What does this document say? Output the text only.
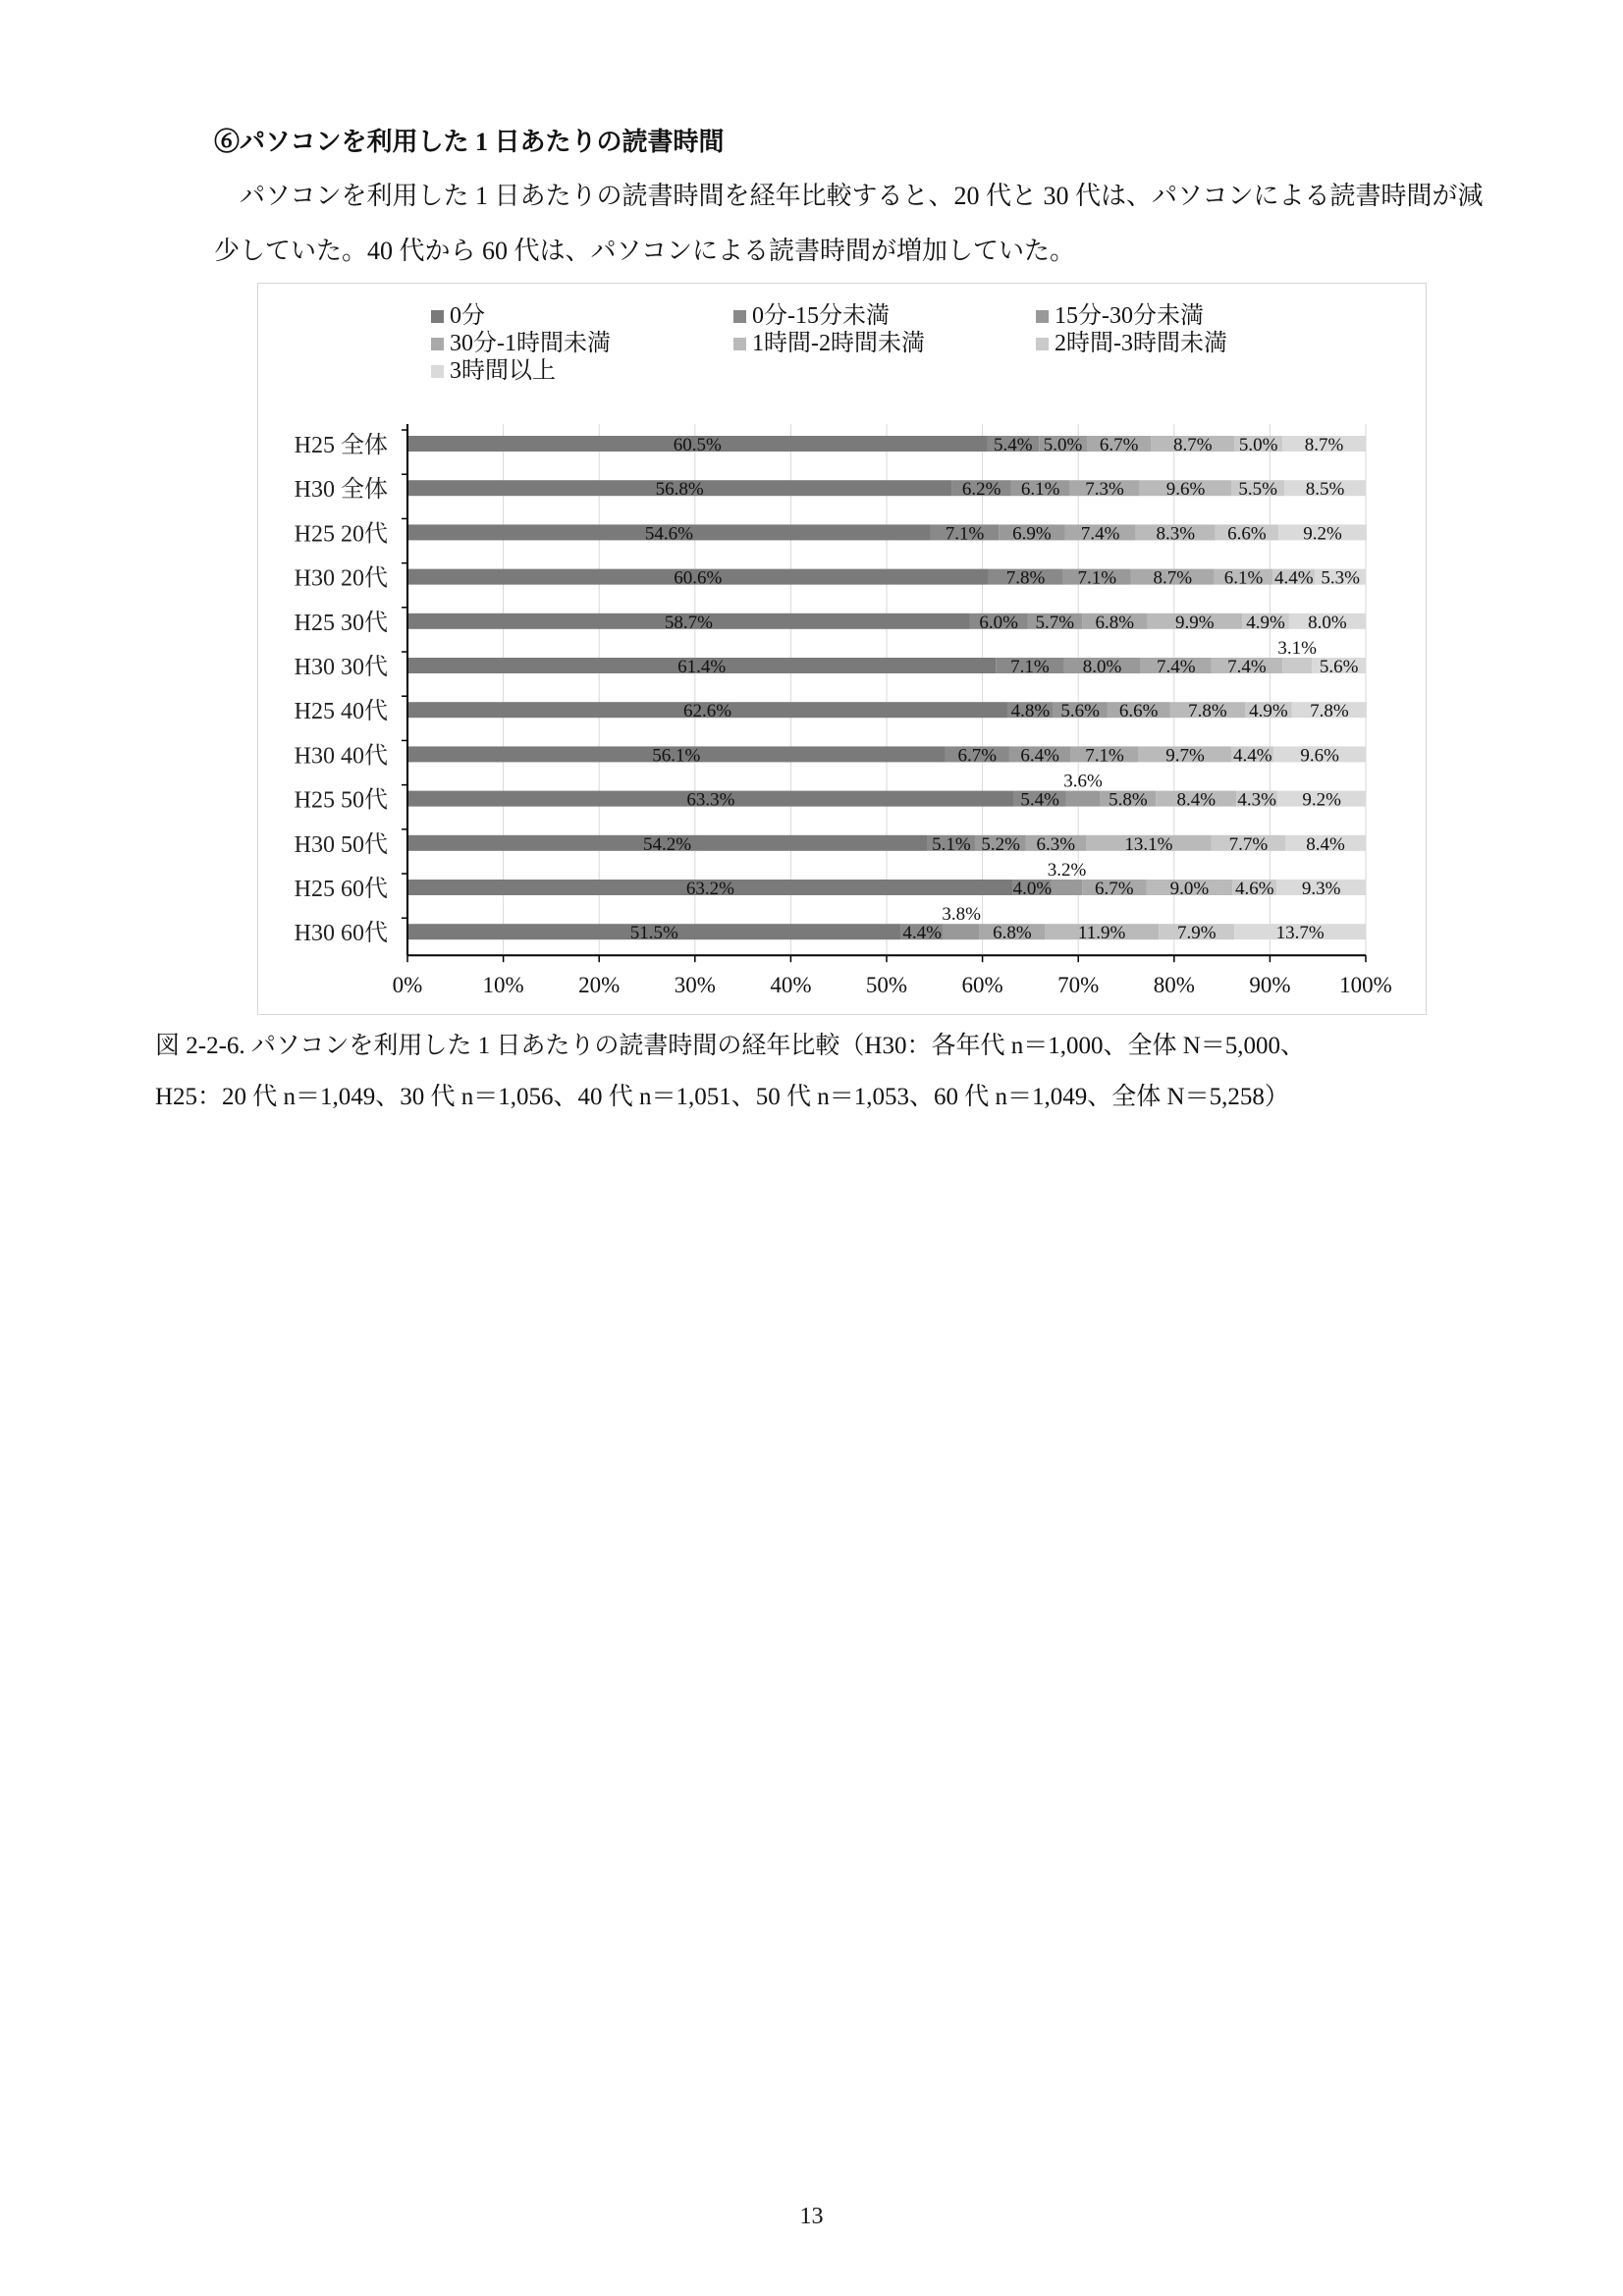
⑥パソコンを利用した 1 日あたりの読書時間
パソコンを利用した 1 日あたりの読書時間を経年比較すると、20 代と 30 代は、パソコンによる読書時間が減少していた。40 代から 60 代は、パソコンによる読書時間が増加していた。
H25 全体
H30 全体
H25 20代
H30 20代
H25 30代
H30 30代
H25 40代
H30 40代
H25 50代
H30 50代
H25 60代
H30 60代
60.5%	5.4% 5.0% 6.7% 8.7% 5.0% 8.7%
56.8%	6.2% 6.1% 7.3% 9.6% 5.5% 8.5%
54.6%	7.1% 6.9% 7.4% 8.3% 6.6% 9.2%
60.6%	7.8% 7.1% 8.7% 6.1% 4.4% 5.3%
58.7%	6.0% 5.7% 6.8% 9.9% 4.9% 8.0%
61.4%	7.1% 8.0% 7.4% 7.4%
3.1%
5.6%
62.6%	4.8% 5.6% 6.6% 7.8% 4.9% 7.8%
56.1%	6.7% 6.4% 7.1% 9.7% 4.4% 9.6%
63.3%	5.4%
3.6%
5.8% 8.4% 4.3% 9.2%
54.2%	5.1% 5.2% 6.3%	13.1%	7.7% 8.4%
63.2%	4.0%
3.2%
6.7% 9.0% 4.6% 9.3%
51.5%	4.4%
3.8%
6.8% 11.9%	7.9%	13.7%
0%	10% 20% 30% 40% 50% 60% 70% 80% 90% 100%
0分	0分-15分未満	15分-30分未満
30分-1時間未満	1時間-2時間未満	2時間-3時間未満
3時間以上
図 2-2-6. パソコンを利用した 1 日あたりの読書時間の経年比較（H30：各年代 n＝1,000、全体 N＝5,000、
H25：20 代 n＝1,049、30 代 n＝1,056、40 代 n＝1,051、50 代 n＝1,053、60 代 n＝1,049、全体 N＝5,258）
13
